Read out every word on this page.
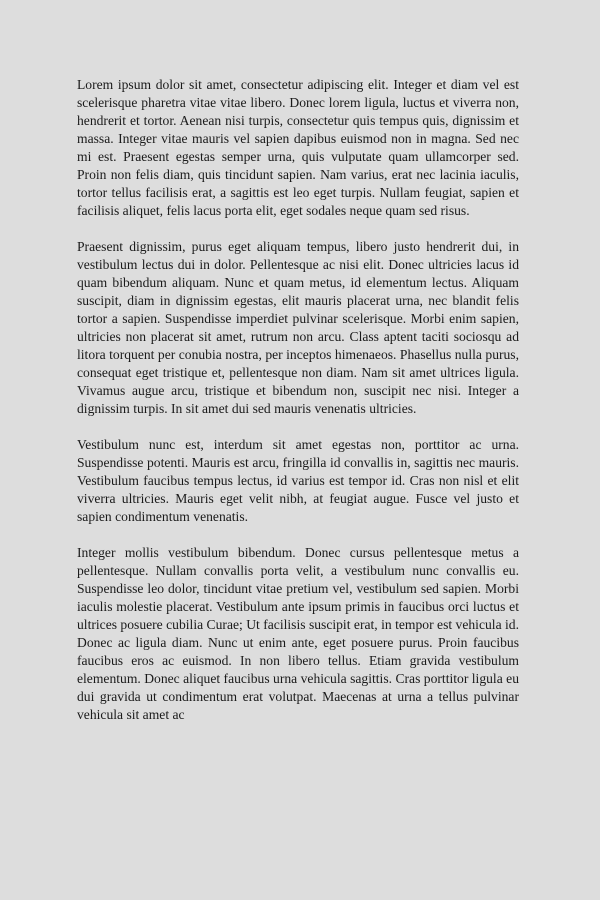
Lorem ipsum dolor sit amet, consectetur adipiscing elit. Integer et diam vel est scelerisque pharetra vitae vitae libero. Donec lorem ligula, luctus et viverra non, hendrerit et tortor. Aenean nisi turpis, consectetur quis tempus quis, dignissim et massa. Integer vitae mauris vel sapien dapibus euismod non in magna. Sed nec mi est. Praesent egestas semper urna, quis vulputate quam ullamcorper sed. Proin non felis diam, quis tincidunt sapien. Nam varius, erat nec lacinia iaculis, tortor tellus facilisis erat, a sagittis est leo eget turpis. Nullam feugiat, sapien et facilisis aliquet, felis lacus porta elit, eget sodales neque quam sed risus.

Praesent dignissim, purus eget aliquam tempus, libero justo hendrerit dui, in vestibulum lectus dui in dolor. Pellentesque ac nisi elit. Donec ultricies lacus id quam bibendum aliquam. Nunc et quam metus, id elementum lectus. Aliquam suscipit, diam in dignissim egestas, elit mauris placerat urna, nec blandit felis tortor a sapien. Suspendisse imperdiet pulvinar scelerisque. Morbi enim sapien, ultricies non placerat sit amet, rutrum non arcu. Class aptent taciti sociosqu ad litora torquent per conubia nostra, per inceptos himenaeos. Phasellus nulla purus, consequat eget tristique et, pellentesque non diam. Nam sit amet ultrices ligula. Vivamus augue arcu, tristique et bibendum non, suscipit nec nisi. Integer a dignissim turpis. In sit amet dui sed mauris venenatis ultricies.

Vestibulum nunc est, interdum sit amet egestas non, porttitor ac urna. Suspendisse potenti. Mauris est arcu, fringilla id convallis in, sagittis nec mauris. Vestibulum faucibus tempus lectus, id varius est tempor id. Cras non nisl et elit viverra ultricies. Mauris eget velit nibh, at feugiat augue. Fusce vel justo et sapien condimentum venenatis.

Integer mollis vestibulum bibendum. Donec cursus pellentesque metus a pellentesque. Nullam convallis porta velit, a vestibulum nunc convallis eu. Suspendisse leo dolor, tincidunt vitae pretium vel, vestibulum sed sapien. Morbi iaculis molestie placerat. Vestibulum ante ipsum primis in faucibus orci luctus et ultrices posuere cubilia Curae; Ut facilisis suscipit erat, in tempor est vehicula id. Donec ac ligula diam. Nunc ut enim ante, eget posuere purus. Proin faucibus faucibus eros ac euismod. In non libero tellus. Etiam gravida vestibulum elementum. Donec aliquet faucibus urna vehicula sagittis. Cras porttitor ligula eu dui gravida ut condimentum erat volutpat. Maecenas at urna a tellus pulvinar vehicula sit amet ac
